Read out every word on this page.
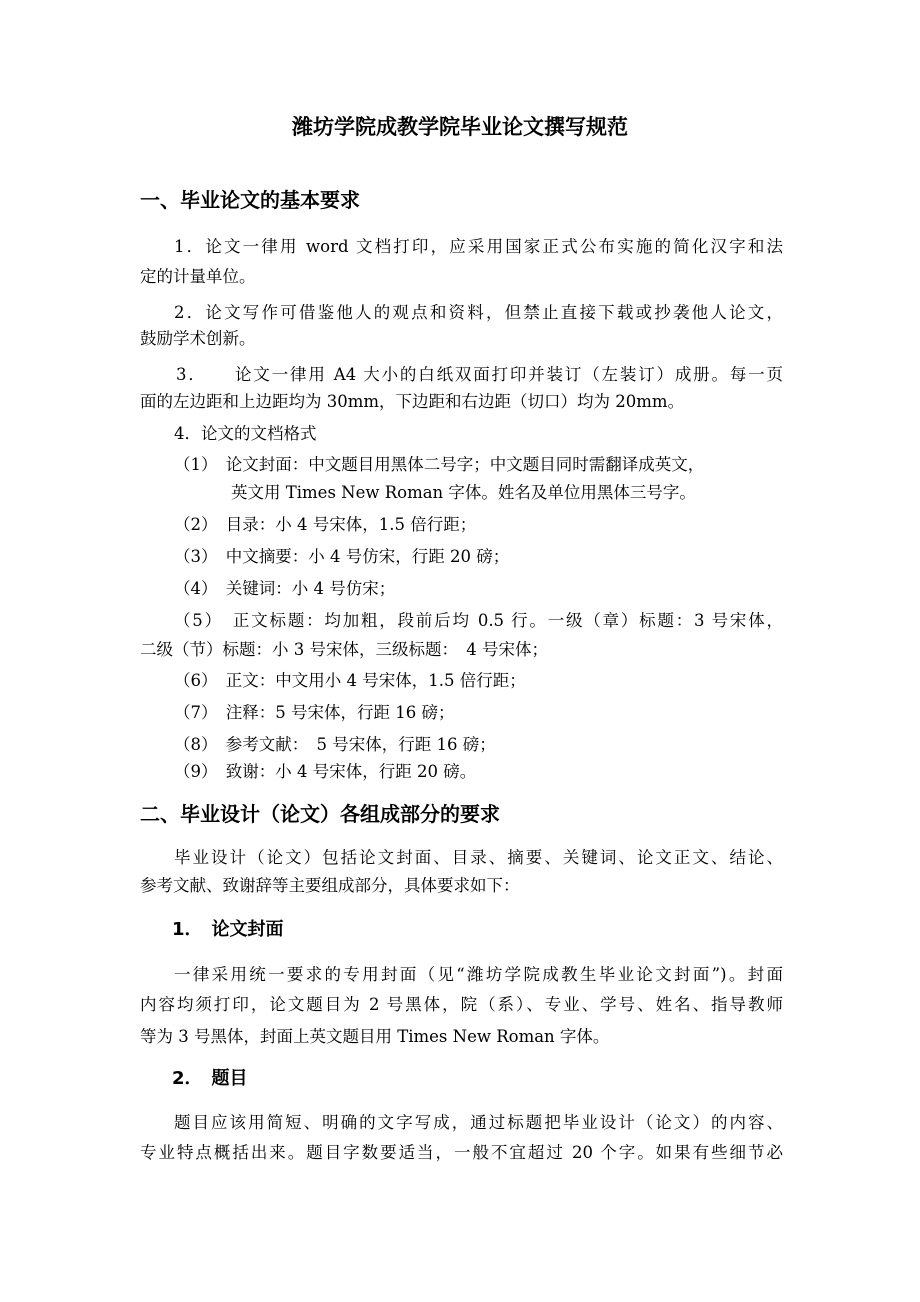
潍坊学院成教学院毕业论文撰写规范
一、毕业论文的基本要求
1．论文一律用 word 文档打印，应采用国家正式公布实施的简化汉字和法
定的计量单位。
2．论文写作可借鉴他人的观点和资料，但禁止直接下载或抄袭他人论文，
鼓励学术创新。
3．　　论文一律用 A4 大小的白纸双面打印并装订（左装订）成册。每一页
面的左边距和上边距均为 30mm，下边距和右边距（切口）均为 20mm。
4．论文的文档格式
（1）　论文封面：中文题目用黑体二号字；中文题目同时需翻译成英文，
英文用 Times New Roman 字体。姓名及单位用黑体三号字。
（2）　目录：小 4 号宋体，1.5 倍行距；
（3）　中文摘要：小 4 号仿宋，行距 20 磅；
（4）　关键词：小 4 号仿宋；
（5）　正文标题：均加粗，段前后均 0.5 行。一级（章）标题：3 号宋体，
二级（节）标题：小 3 号宋体，三级标题：　4 号宋体；
（6）　正文：中文用小 4 号宋体，1.5 倍行距；
（7）　注释：5 号宋体，行距 16 磅；
（8）　参考文献：　5 号宋体，行距 16 磅；
（9）　致谢：小 4 号宋体，行距 20 磅。
二、毕业设计（论文）各组成部分的要求
毕业设计（论文）包括论文封面、目录、摘要、关键词、论文正文、结论、
参考文献、致谢辞等主要组成部分，具体要求如下：
1．　论文封面
一律采用统一要求的专用封面（见“潍坊学院成教生毕业论文封面”)。封面
内容均须打印，论文题目为 2 号黑体，院（系）、专业、学号、姓名、指导教师
等为 3 号黑体，封面上英文题目用 Times New Roman 字体。
2．　题目
题目应该用简短、明确的文字写成，通过标题把毕业设计（论文）的内容、
专业特点概括出来。题目字数要适当，一般不宜超过 20 个字。如果有些细节必
